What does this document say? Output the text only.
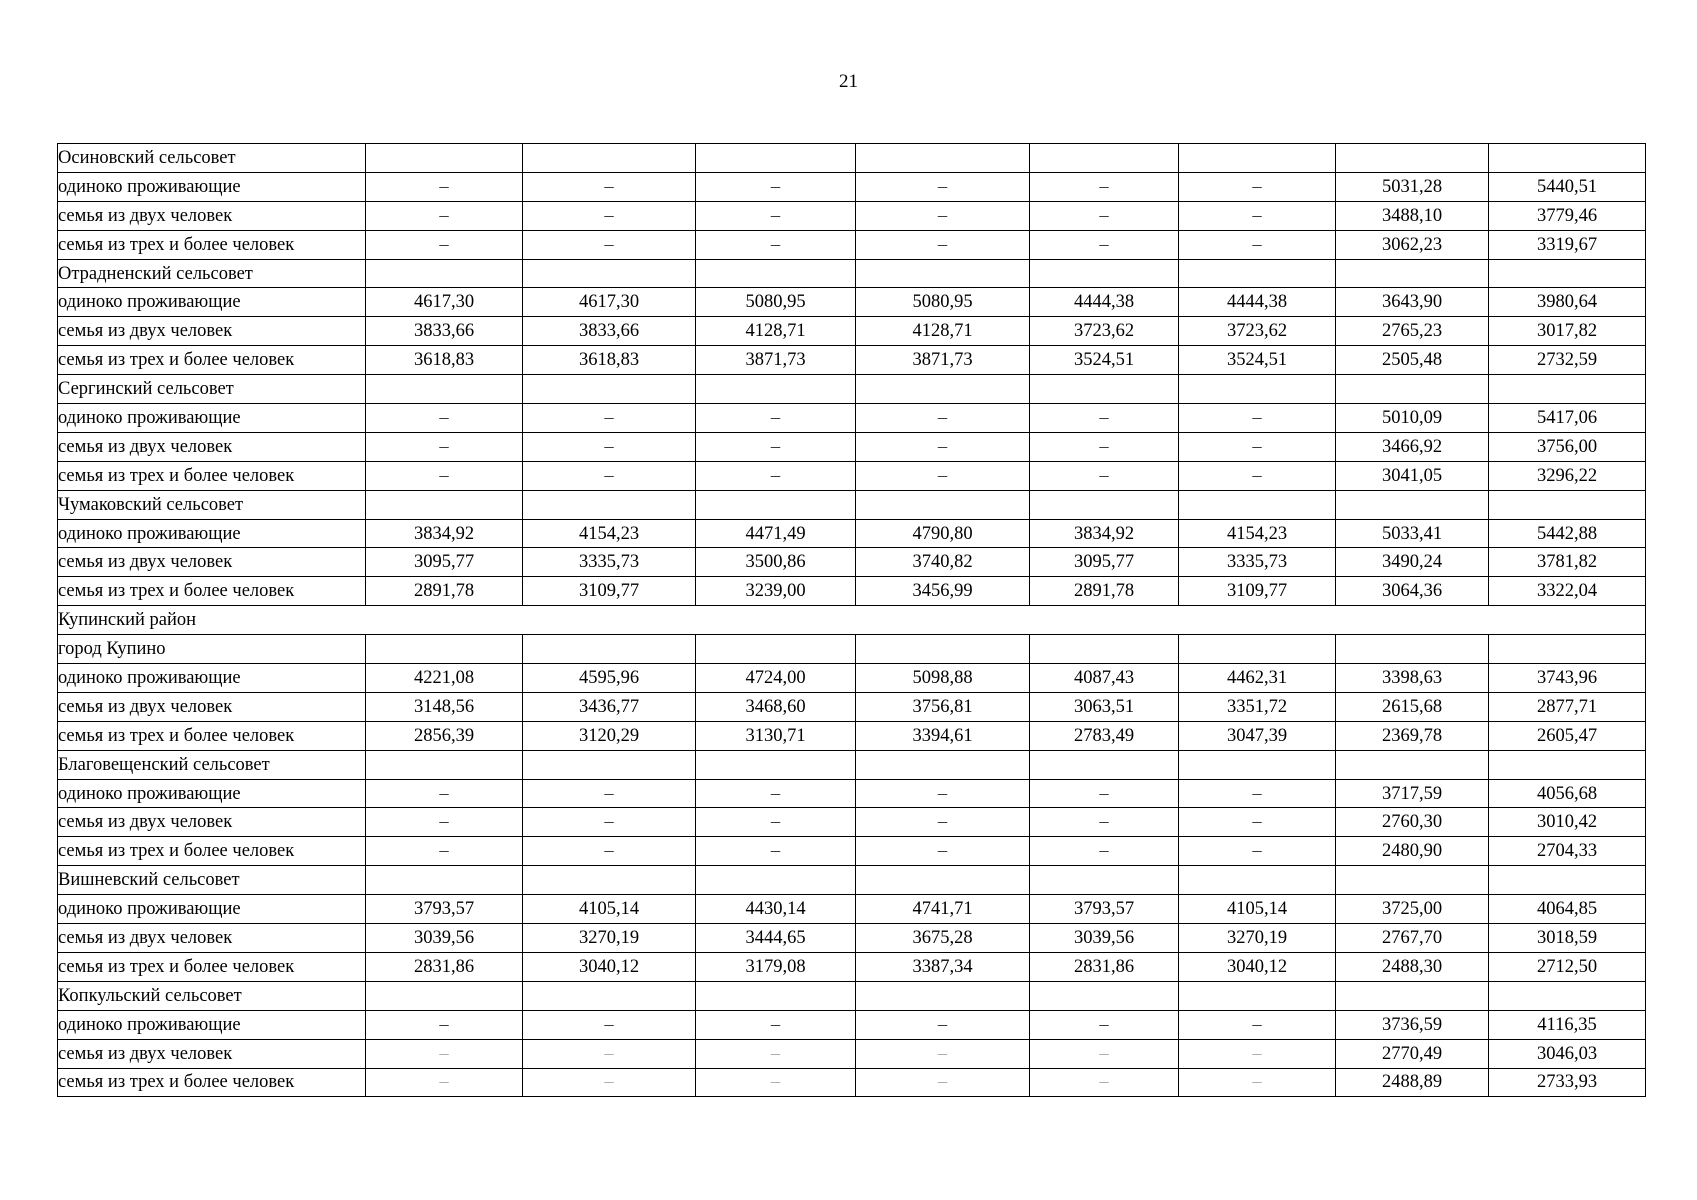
21
Осиновский сельсовет								
одиноко проживающие	–	–	–	–	–	–	5031,28	5440,51
семья из двух человек	–	–	–	–	–	–	3488,10	3779,46
семья из трех и более человек	–	–	–	–	–	–	3062,23	3319,67
Отрадненский сельсовет								
одиноко проживающие	4617,30	4617,30	5080,95	5080,95	4444,38	4444,38	3643,90	3980,64
семья из двух человек	3833,66	3833,66	4128,71	4128,71	3723,62	3723,62	2765,23	3017,82
семья из трех и более человек	3618,83	3618,83	3871,73	3871,73	3524,51	3524,51	2505,48	2732,59
Сергинский сельсовет								
одиноко проживающие	–	–	–	–	–	–	5010,09	5417,06
семья из двух человек	–	–	–	–	–	–	3466,92	3756,00
семья из трех и более человек	–	–	–	–	–	–	3041,05	3296,22
Чумаковский сельсовет								
одиноко проживающие	3834,92	4154,23	4471,49	4790,80	3834,92	4154,23	5033,41	5442,88
семья из двух человек	3095,77	3335,73	3500,86	3740,82	3095,77	3335,73	3490,24	3781,82
семья из трех и более человек	2891,78	3109,77	3239,00	3456,99	2891,78	3109,77	3064,36	3322,04
Купинский район								
город Купино								
одиноко проживающие	4221,08	4595,96	4724,00	5098,88	4087,43	4462,31	3398,63	3743,96
семья из двух человек	3148,56	3436,77	3468,60	3756,81	3063,51	3351,72	2615,68	2877,71
семья из трех и более человек	2856,39	3120,29	3130,71	3394,61	2783,49	3047,39	2369,78	2605,47
Благовещенский сельсовет								
одиноко проживающие	–	–	–	–	–	–	3717,59	4056,68
семья из двух человек	–	–	–	–	–	–	2760,30	3010,42
семья из трех и более человек	–	–	–	–	–	–	2480,90	2704,33
Вишневский сельсовет								
одиноко проживающие	3793,57	4105,14	4430,14	4741,71	3793,57	4105,14	3725,00	4064,85
семья из двух человек	3039,56	3270,19	3444,65	3675,28	3039,56	3270,19	2767,70	3018,59
семья из трех и более человек	2831,86	3040,12	3179,08	3387,34	2831,86	3040,12	2488,30	2712,50
Копкульский сельсовет								
одиноко проживающие	–	–	–	–	–	–	3736,59	4116,35
семья из двух человек	–	–	–	–	–	–	2770,49	3046,03
семья из трех и более человек	–	–	–	–	–	–	2488,89	2733,93
